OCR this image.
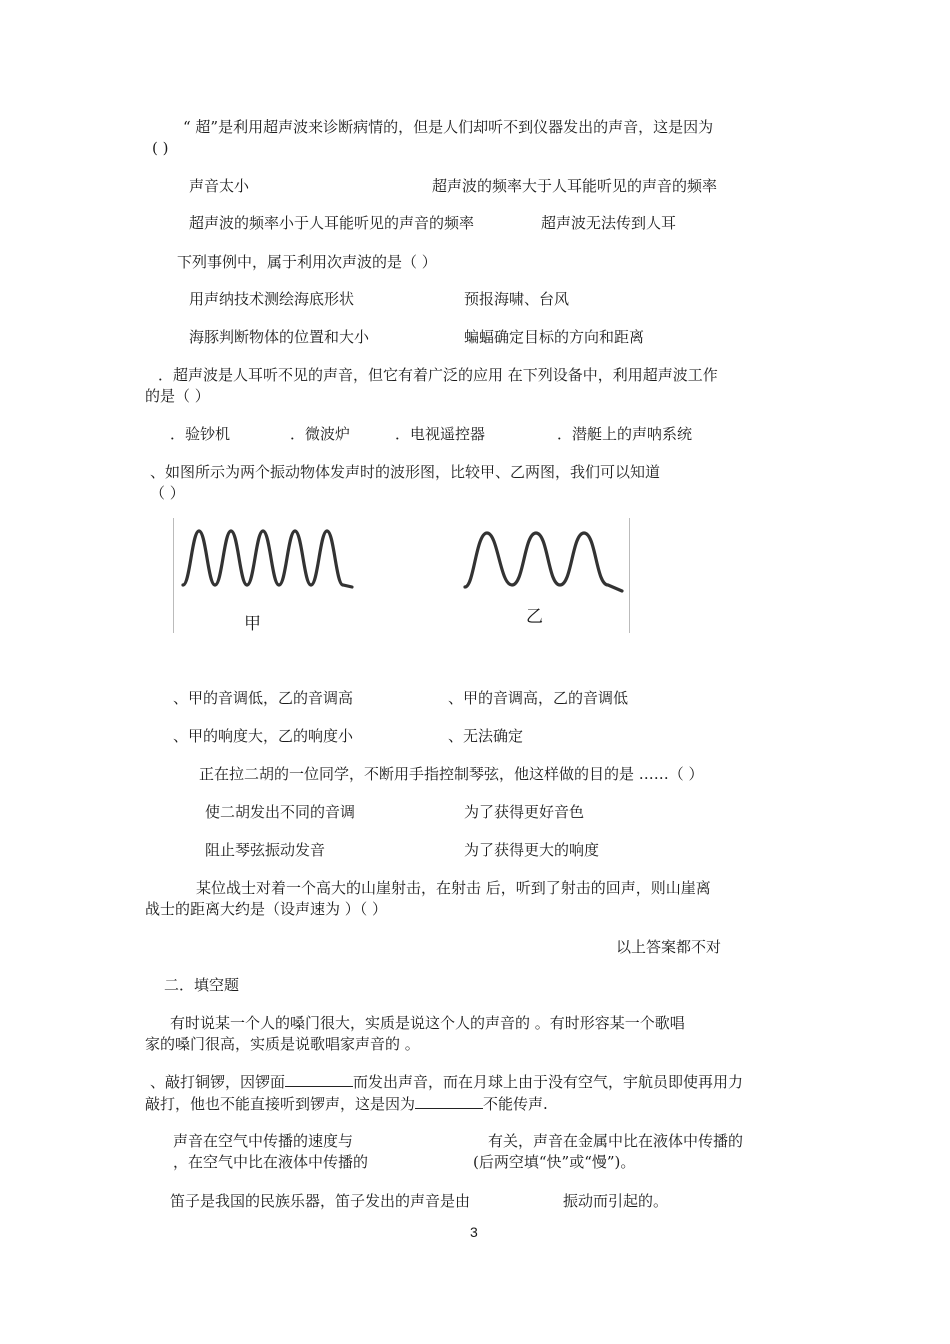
“ 超”是利用超声波来诊断病情的，但是人们却听不到仪器发出的声音，这是因为
( )
声音太小	超声波的频率大于人耳能听见的声音的频率
超声波的频率小于人耳能听见的声音的频率	超声波无法传到人耳
下列事例中，属于利用次声波的是（ ）
用声纳技术测绘海底形状	预报海啸、台风
海豚判断物体的位置和大小	蝙蝠确定目标的方向和距离
．超声波是人耳听不见的声音，但它有着广泛的应用 在下列设备中，利用超声波工作
的是（ ）
．验钞机	．微波炉	．电视遥控器	．潜艇上的声呐系统
、如图所示为两个振动物体发声时的波形图，比较甲、乙两图，我们可以知道
（ ）
甲	乙
、甲的音调低，乙的音调高	、甲的音调高，乙的音调低
、甲的响度大，乙的响度小	、无法确定
正在拉二胡的一位同学，不断用手指控制琴弦，他这样做的目的是 ……（ ）
使二胡发出不同的音调	为了获得更好音色
阻止琴弦振动发音	为了获得更大的响度
某位战士对着一个高大的山崖射击，在射击 后，听到了射击的回声，则山崖离
战士的距离大约是（设声速为 ）（ ）
以上答案都不对
二．填空题
有时说某一个人的嗓门很大，实质是说这个人的声音的 。有时形容某一个歌唱
家的嗓门很高，实质是说歌唱家声音的 。
、敲打铜锣，因锣面	而发出声音，而在月球上由于没有空气，宇航员即使再用力
敲打，他也不能直接听到锣声，这是因为	不能传声.
声音在空气中传播的速度与	有关，声音在金属中比在液体中传播的
，在空气中比在液体中传播的	(后两空填“快”或“慢”)。
笛子是我国的民族乐器，笛子发出的声音是由	振动而引起的。
3
